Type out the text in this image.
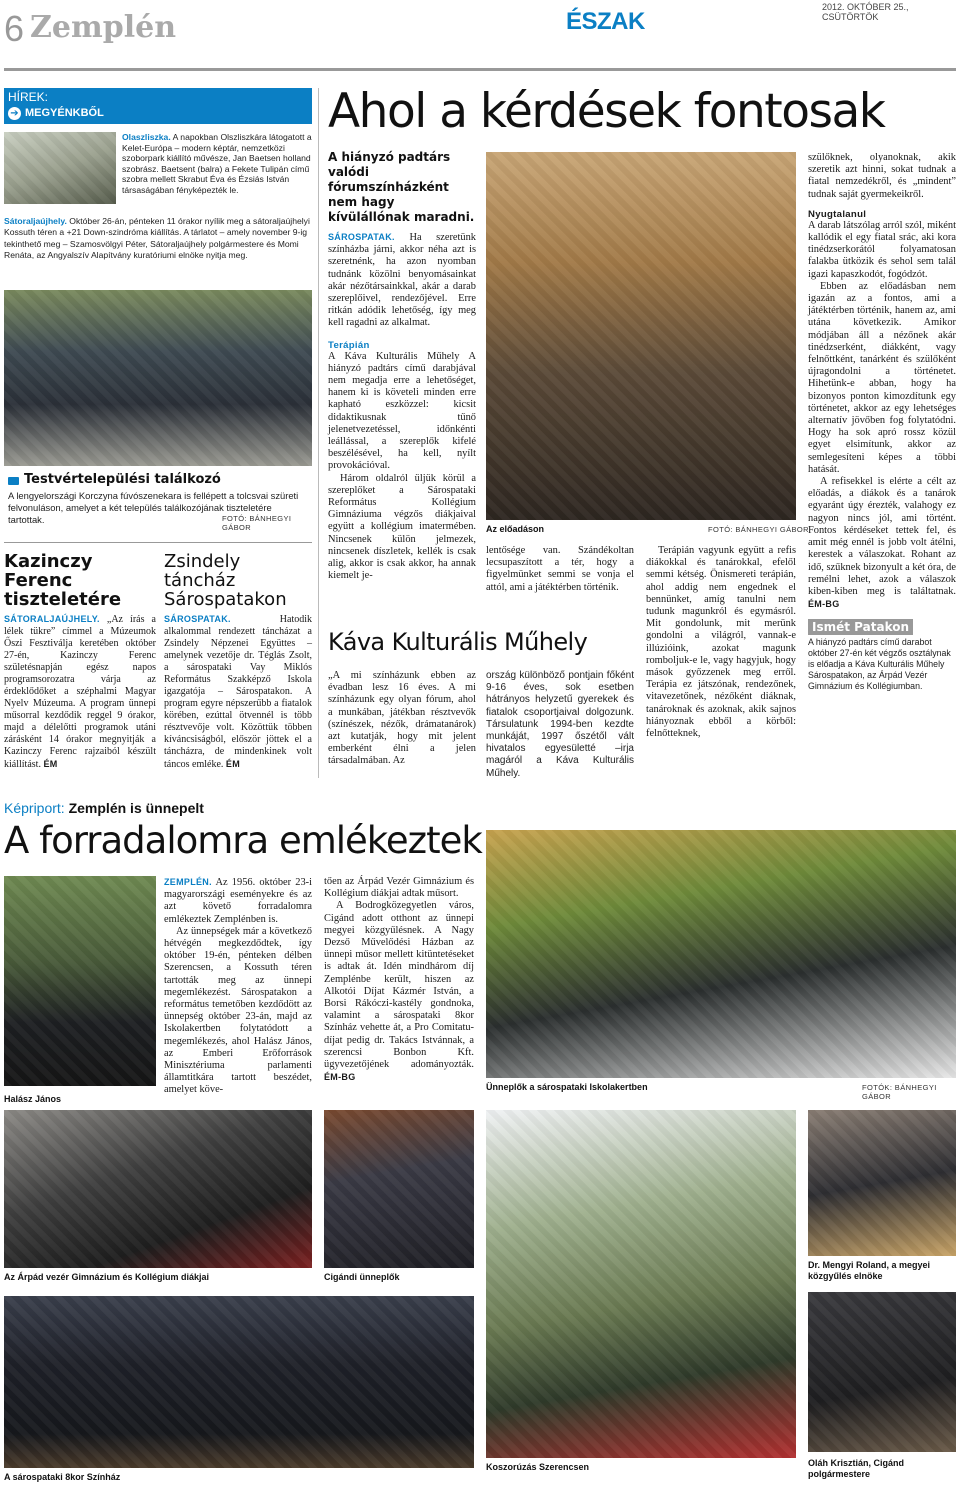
6 Zemplén	ÉSZAK
2012. OKTÓBER 25., CSÜTÖRTÖK
HÍREK:
➔ MEGYÉNKBŐL
Olaszliszka. A napokban Olszliszkára látogatott a Kelet-Európa – modern képtár, nemzetközi szoborpark kiállító művésze, Jan Baetsen holland szobrász. Baetsent (balra) a Fekete Tulipán című szobra mellett Skrabut Éva és Ézsiás István társaságában fényképezték le.
Sátoraljaújhely. Október 26-án, pénteken 11 órakor nyílik meg a sátoraljaújhelyi Kossuth téren a +21 Down-szindróma kiállítás. A tárlatot – amely november 9-ig tekinthető meg – Szamosvölgyi Péter, Sátoraljaújhely polgármestere és Momi Renáta, az Angyalszív Alapítvány kuratóriumi elnöke nyitja meg.
Testvértelepülési találkozó
A lengyelországi Korczyna fúvószenekara is fellépett a tolcsvai szüreti felvonuláson, amelyet a két település találkozójának tiszteletére tartottak.	FOTÓ: BÁNHEGYI GÁBOR
Kazinczy Ferenc tiszteletére
SÁTORALJAÚJHELY. „Az írás a lélek tükre” címmel a Múzeumok Őszi Fesztiválja keretében október 27-én, Kazinczy Ferenc születésnapján egész napos programsorozatra várja az érdeklődőket a széphalmi Magyar Nyelv Múzeuma. A program ünnepi műsorral kezdődik reggel 9 órakor, majd a délelőtti programok utáni zárásként 14 órakor megnyitják a Kazinczy Ferenc rajzaiból készült kiállítást. ÉM
Zsindely táncház Sárospatakon
SÁROSPATAK.	Hatodik alkalommal rendezett táncházat a Zsindely Népzenei Együttes – amelynek vezetője dr. Téglás Zsolt, a sárospataki Vay Miklós Református Szakképző Iskola igazgatója – Sárospatakon. A program egyre népszerűbb a fiatalok körében, ezúttal ötvennél is több résztvevője volt. Közöttük többen kíváncsiságból, először jöttek el a táncházra, de mindenkinek volt táncos emléke. ÉM
Ahol a kérdések fontosak
A hiányzó padtárs valódi fórumszínházként nem hagy kívülállónak maradni.
SÁROSPATAK. Ha szeretünk színházba járni, akkor néha azt is szeretnénk, ha azon nyomban tudnánk közölni benyomásainkat akár nézőtársainkkal, akár a darab szereplőivel, rendezőjével. Erre ritkán adódik lehetőség, így meg kell ragadni az alkalmat.
Terápián
A Káva Kulturális Műhely A hiányzó padtárs című darabjával nem megadja erre a lehetőséget, hanem ki is követeli minden erre kapható eszközzel: kicsit didaktikusnak tűnő jelenetvezetéssel, időnkénti leállással, a szereplők kifelé beszélésével, ha kell, nyílt provokációval.
Három oldalról üljük körül a szereplőket a Sárospataki Református Kollégium Gimnáziuma végzős diákjaival együtt a kollégium imatermében. Nincsenek külön jelmezek, nincsenek díszletek, kellék is csak alig, akkor is csak akkor, ha annak kiemelt je-
Az előadáson	FOTÓ: BÁNHEGYI GÁBOR
lentősége van. Szándékoltan lecsupaszított a tér, hogy a figyelmünket semmi se vonja el attól, ami a játéktérben történik.
Terápián vagyunk együtt a refis diákokkal és tanárokkal, efelől semmi kétség. Önismereti terápián, ahol addig nem engednek el bennünket, amíg tanulni nem tudunk magunkról és egymásról. Mit gondolunk, mit merünk gondolni a világról, vannak-e illúzióink, azokat magunk romboljuk-e le, vagy hagyjuk, hogy mások győzzenek meg erről. Terápia ez játszónak, rendezőnek, vitavezetőnek, nézőként diáknak, tanároknak és azoknak, akik sajnos hiányoznak ebből a körből: felnőtteknek,
szülőknek, olyanoknak, akik szeretik azt hinni, sokat tudnak a fiatal nemzedékről, és „mindent” tudnak saját gyermekeikről.
Nyugtalanul
A darab látszólag arról szól, miként kallódik el egy fiatal srác, aki kora tinédzserkorától folyamatosan falakba ütközik és sehol sem talál igazi kapaszkodót, fogódzót.
Ebben az előadásban nem igazán az a fontos, ami a játéktérben történik, hanem az, ami utána következik. Amikor módjában áll a nézőnek akár tinédzserként, diákként, vagy felnőttként, tanárként és szülőként újragondolni a történetet. Hihetünk-e abban, hogy ha bizonyos ponton kimozdítunk egy történetet, akkor az egy lehetséges alternatív jövőben fog folytatódni. Hogy ha sok apró rossz közül egyet elsimítunk, akkor az semlegesíteni képes a többi hatását.
A refisekkel is elérte a célt az előadás, a diákok és a tanárok egyaránt úgy érezték, valahogy ez nagyon nincs jól, ami történt. Fontos kérdéseket tettek fel, és amit még ennél is jobb volt átélni, kerestek a válaszokat. Rohant az idő, szűknek bizonyult a két óra, de remélni lehet, azok a válaszok kiben-kiben meg is találtatnak. ÉM-BG
Ismét Patakon
A hiányzó padtárs című darabot október 27-én két végzős osztálynak is előadja a Káva Kulturális Műhely Sárospatakon, az Árpád Vezér Gimnázium és Kollégiumban.
Káva Kulturális Műhely
„A mi színházunk ebben az évadban lesz 16 éves. A mi színházunk egy olyan fórum, ahol a munkában, játékban résztvevők (színészek, nézők, drámatanárok) azt kutatják, hogy mit jelent emberként élni a jelen társadalmában. Az
ország különböző pontjain főként 9-16 éves, sok esetben hátrányos helyzetű gyerekek és fiatalok csoportjaival dolgozunk. Társulatunk 1994-ben kezdte munkáját, 1997 őszétől vált hivatalos egyesületté –irja magáról a Káva Kulturális Műhely.
Képriport: Zemplén is ünnepelt
A forradalomra emlékeztek
Halász János
ZEMPLÉN. Az 1956. október 23-i magyarországi eseményekre és az azt követő forradalomra emlékeztek Zemplénben is.
Az ünnepségek már a következő hétvégén megkezdődtek, így október 19-én, pénteken délben Szerencsen, a Kossuth téren tartották meg az ünnepi megemlékezést. Sárospatakon a református temetőben kezdődött az ünnepség október 23-án, majd az Iskolakertben folytatódott a megemlékezés, ahol Halász János, az Emberi Erőforrások Minisztériuma parlamenti államtitkára tartott beszédet, amelyet köve-
tően az Árpád Vezér Gimnázium és Kollégium diákjai adtak műsort.
A Bodrogközegyetlen város, Cigánd adott otthont az ünnepi megyei közgyűlésnek. A Nagy Dezső Művelődési Házban az ünnepi műsor mellett kitüntetéseket is adtak át. Idén mindhárom díj Zemplénbe került, hiszen az Alkotói Díjat Kázmér István, a Borsi Rákóczi-kastély gondnoka, valamint a sárospataki 8kor Színház vehette át, a Pro Comitatu-díjat pedig dr. Takács Istvánnak, a szerencsi Bonbon Kft. ügyvezetőjének adományozták. ÉM-BG
Ünneplők a sárospataki Iskolakertben	FOTÓK: BÁNHEGYI GÁBOR
Az Árpád vezér Gimnázium és Kollégium diákjai	Cigándi ünneplők
Koszorúzás Szerencsen
Dr. Mengyi Roland, a megyei közgyűlés elnöke
A sárospataki 8kor Színház
Oláh Krisztián, Cigánd polgármestere
